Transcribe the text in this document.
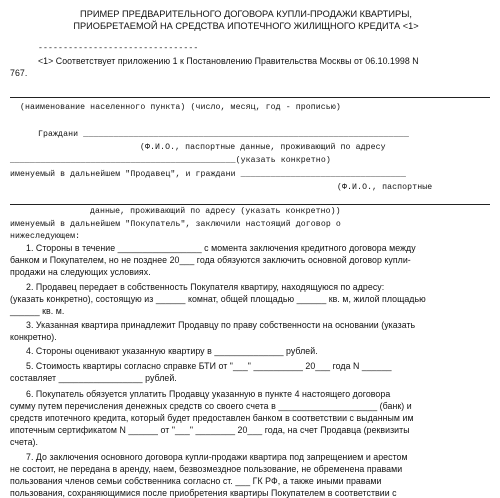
ПРИМЕР ПРЕДВАРИТЕЛЬНОГО ДОГОВОРА КУПЛИ-ПРОДАЖИ КВАРТИРЫ,
ПРИОБРЕТАЕМОЙ НА СРЕДСТВА ИПОТЕЧНОГО ЖИЛИЩНОГО КРЕДИТА <1>
--------------------------------
<1> Соответствует приложению 1 к Постановлению Правительства Москвы от 06.10.1998 N
767.
(наименование населенного пункта) (число, месяц, год - прописью)
Граждани _________________________________________________________________
(Ф.И.О., паспортные данные, проживающий по адресу
_____________________________________________(указать конкретно)
именуемый в дальнейшем "Продавец", и граждани _________________________________
(Ф.И.О., паспортные
данные, проживающий по адресу (указать конкретно))
именуемый в дальнейшем "Покупатель", заключили настоящий договор о
нижеследующем:
1. Стороны в течение _________________ с момента заключения кредитного договора между
банком и Покупателем, но не позднее 20___ года обязуются заключить основной договор купли-
продажи на следующих условиях.
2. Продавец передает в собственность Покупателя квартиру, находящуюся по адресу:
(указать конкретно), состоящую из ______ комнат, общей площадью ______ кв. м, жилой площадью
______ кв. м.
3. Указанная квартира принадлежит Продавцу по праву собственности на основании (указать
конкретно).
4. Стороны оценивают указанную квартиру в ______________ рублей.
5. Стоимость квартиры согласно справке БТИ от "___" __________ 20___ года N ______
составляет _________________ рублей.
6. Покупатель обязуется уплатить Продавцу указанную в пункте 4 настоящего договора
сумму путем перечисления денежных средств со своего счета в ____________________ (банк) и
средств ипотечного кредита, который будет предоставлен банком в соответствии с выданным им
ипотечным сертификатом N ______ от "___" ________ 20___ года, на счет Продавца (реквизиты
счета).
7. До заключения основного договора купли-продажи квартира под запрещением и арестом
не состоит, не передана в аренду, наем, безвозмездное пользование, не обременена правами
пользования членов семьи собственника согласно ст. ___ ГК РФ, а также иными правами
пользования, сохраняющимися после приобретения квартиры Покупателем в соответствии с
